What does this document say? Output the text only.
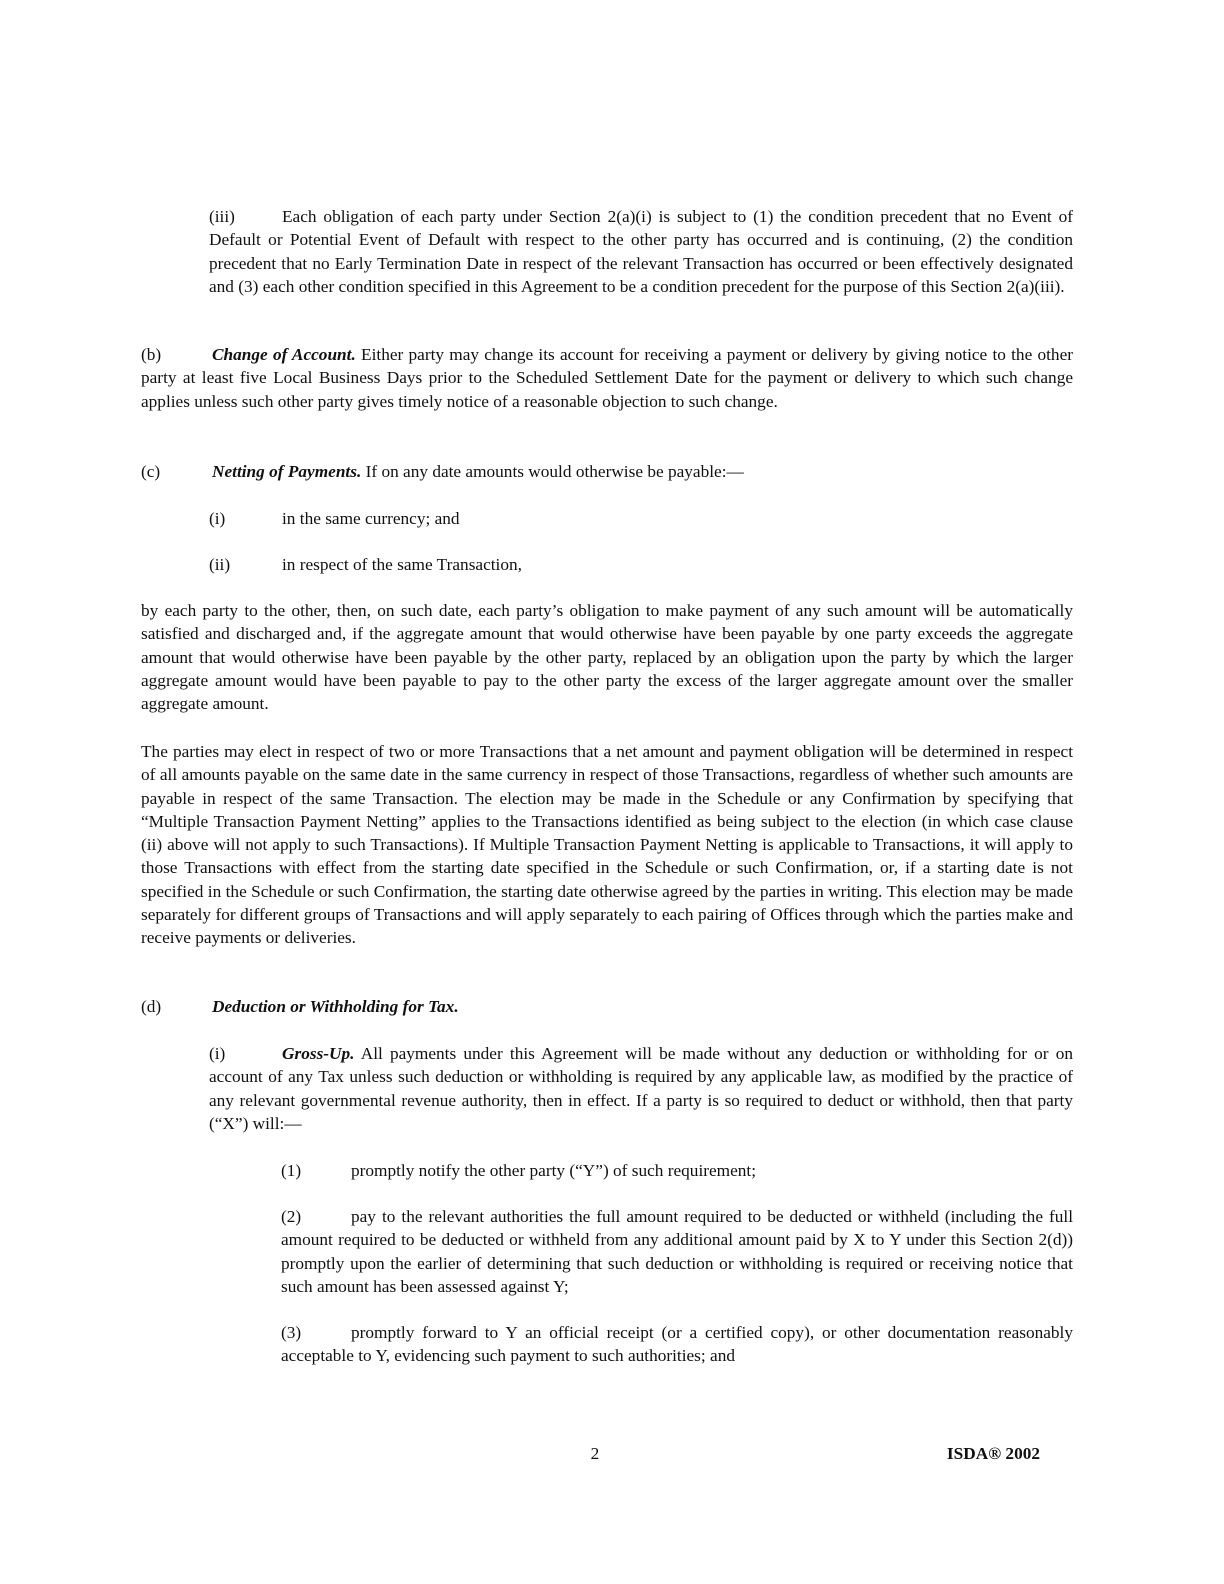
(iii)	Each obligation of each party under Section 2(a)(i) is subject to (1) the condition precedent that no Event of Default or Potential Event of Default with respect to the other party has occurred and is continuing, (2) the condition precedent that no Early Termination Date in respect of the relevant Transaction has occurred or been effectively designated and (3) each other condition specified in this Agreement to be a condition precedent for the purpose of this Section 2(a)(iii).
(b)	Change of Account. Either party may change its account for receiving a payment or delivery by giving notice to the other party at least five Local Business Days prior to the Scheduled Settlement Date for the payment or delivery to which such change applies unless such other party gives timely notice of a reasonable objection to such change.
(c)	Netting of Payments. If on any date amounts would otherwise be payable:—
(i)	in the same currency; and
(ii)	in respect of the same Transaction,
by each party to the other, then, on such date, each party’s obligation to make payment of any such amount will be automatically satisfied and discharged and, if the aggregate amount that would otherwise have been payable by one party exceeds the aggregate amount that would otherwise have been payable by the other party, replaced by an obligation upon the party by which the larger aggregate amount would have been payable to pay to the other party the excess of the larger aggregate amount over the smaller aggregate amount.
The parties may elect in respect of two or more Transactions that a net amount and payment obligation will be determined in respect of all amounts payable on the same date in the same currency in respect of those Transactions, regardless of whether such amounts are payable in respect of the same Transaction. The election may be made in the Schedule or any Confirmation by specifying that “Multiple Transaction Payment Netting” applies to the Transactions identified as being subject to the election (in which case clause (ii) above will not apply to such Transactions). If Multiple Transaction Payment Netting is applicable to Transactions, it will apply to those Transactions with effect from the starting date specified in the Schedule or such Confirmation, or, if a starting date is not specified in the Schedule or such Confirmation, the starting date otherwise agreed by the parties in writing. This election may be made separately for different groups of Transactions and will apply separately to each pairing of Offices through which the parties make and receive payments or deliveries.
(d)	Deduction or Withholding for Tax.
(i)	Gross-Up. All payments under this Agreement will be made without any deduction or withholding for or on account of any Tax unless such deduction or withholding is required by any applicable law, as modified by the practice of any relevant governmental revenue authority, then in effect. If a party is so required to deduct or withhold, then that party (“X”) will:—
(1)	promptly notify the other party (“Y”) of such requirement;
(2)	pay to the relevant authorities the full amount required to be deducted or withheld (including the full amount required to be deducted or withheld from any additional amount paid by X to Y under this Section 2(d)) promptly upon the earlier of determining that such deduction or withholding is required or receiving notice that such amount has been assessed against Y;
(3)	promptly forward to Y an official receipt (or a certified copy), or other documentation reasonably acceptable to Y, evidencing such payment to such authorities; and
2	ISDA® 2002
